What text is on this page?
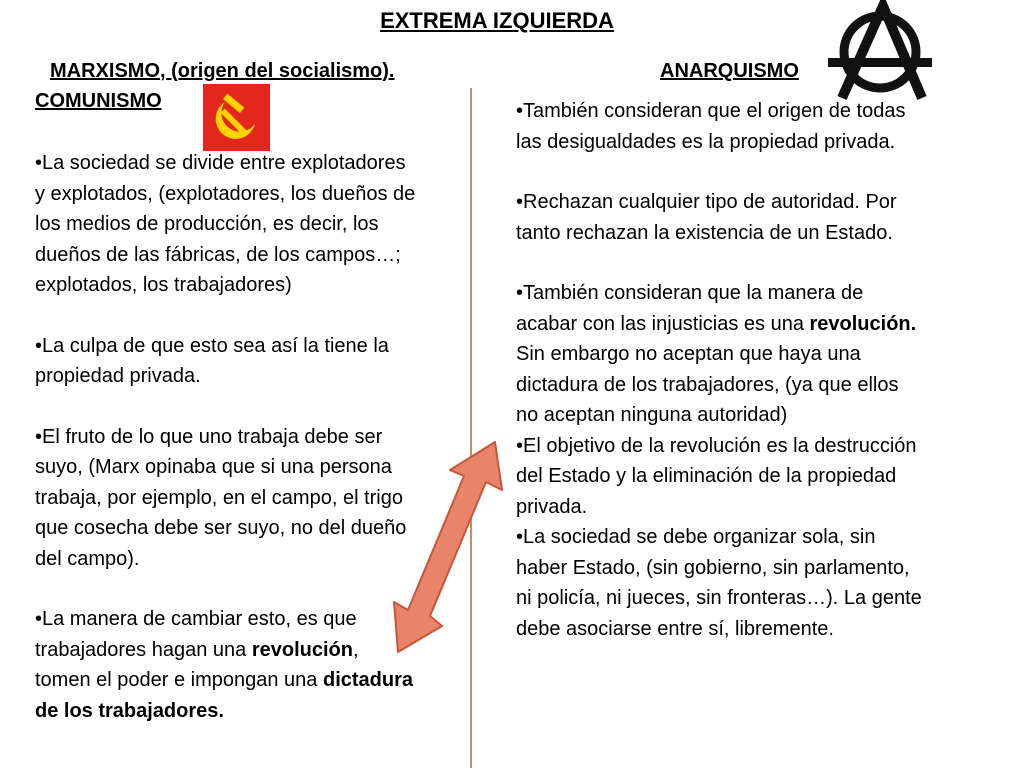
EXTREMA IZQUIERDA
MARXISMO, (origen del socialismo).
COMUNISMO

•La sociedad se divide entre explotadores
y explotados, (explotadores, los dueños de
los medios de producción, es decir, los
dueños de las fábricas, de los campos…;
explotados, los trabajadores)

•La culpa de que esto sea así la tiene la
propiedad privada.

•El fruto de lo que uno trabaja debe ser
suyo, (Marx opinaba que si una persona
trabaja, por ejemplo, en el campo, el trigo
que cosecha debe ser suyo, no del dueño
del campo).

•La manera de cambiar esto, es que
trabajadores hagan una revolución,
tomen el poder e impongan una dictadura
de los trabajadores.

ANARQUISMO

•También consideran que el origen de todas
las desigualdades es la propiedad privada.

•Rechazan cualquier tipo de autoridad. Por
tanto rechazan la existencia de un Estado.

•También consideran que la manera de
acabar con las injusticias es una revolución.
Sin embargo no aceptan que haya una
dictadura de los trabajadores, (ya que ellos
no aceptan ninguna autoridad)

•El objetivo de la revolución es la destrucción
del Estado y la eliminación de la propiedad
privada.

•La sociedad se debe organizar sola, sin
haber Estado, (sin gobierno, sin parlamento,
ni policía, ni jueces, sin fronteras…). La gente
debe asociarse entre sí, libremente.
